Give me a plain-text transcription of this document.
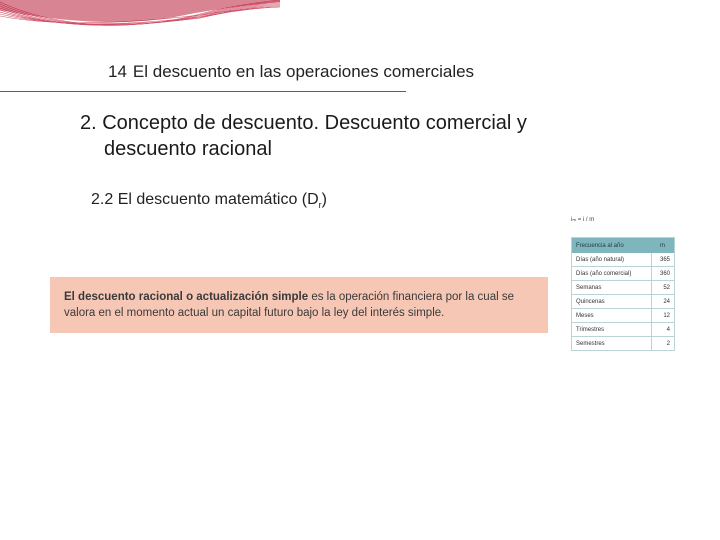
14 El descuento en las operaciones comerciales
2. Concepto de descuento. Descuento comercial y
descuento racional
2.2 El descuento matemático $(D_r)$
El descuento racional o actualización simple es la operación financiera por la cual se valora en el momento actual un capital futuro bajo la ley del interés simple.
iₘ = i / m
Frecuencia al año	m
Días (año natural)	365
Días (año comercial)	360
Semanas	52
Quincenas	24
Meses	12
Trimestres	4
Semestres	2
